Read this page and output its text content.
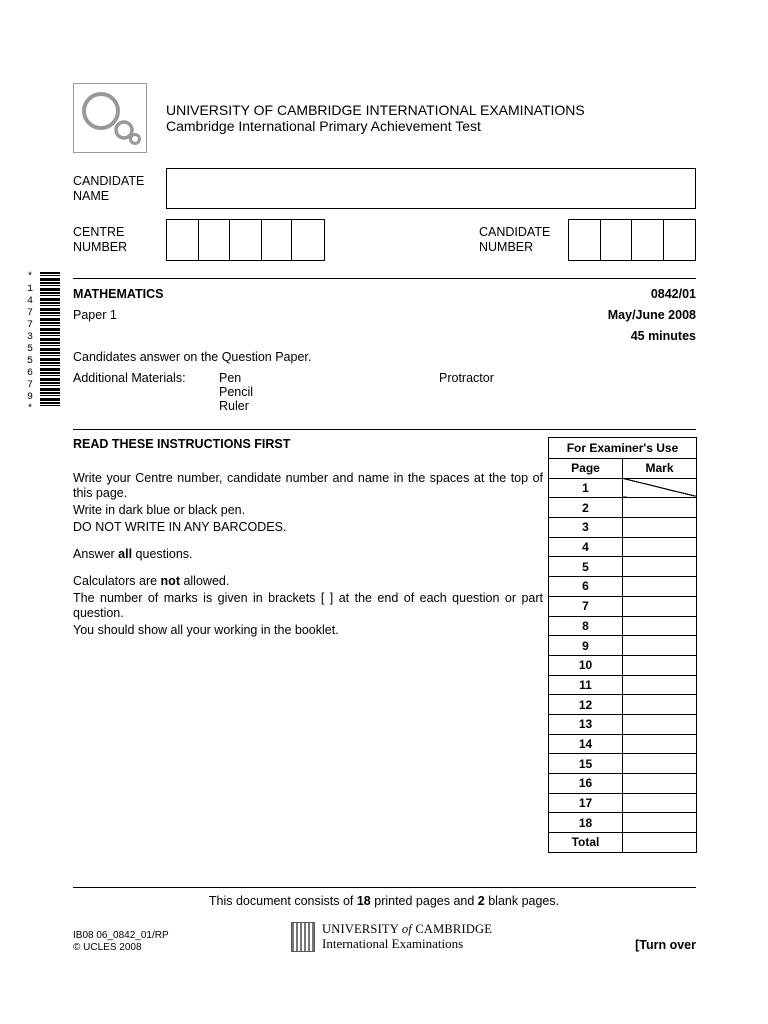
UNIVERSITY OF CAMBRIDGE INTERNATIONAL EXAMINATIONS
Cambridge International Primary Achievement Test
CANDIDATE
NAME
CENTRE
NUMBER
CANDIDATE
NUMBER
*
1
4
7
7
3
5
5
6
7
9
*
MATHEMATICS	0842/01
Paper 1	May/June 2008
45 minutes
Candidates answer on the Question Paper.
Additional Materials:	Pen
Pencil
Ruler
Protractor
READ THESE INSTRUCTIONS FIRST

Write your Centre number, candidate number and name in the spaces at the top of this page.

Write in dark blue or black pen.

DO NOT WRITE IN ANY BARCODES.

Answer all questions.

Calculators are not allowed.

The number of marks is given in brackets [ ] at the end of each question or part question.

You should show all your working in the booklet.

For Examiner's Use	
Page	Mark
1	
2	
3	
4	
5	
6	
7	
8	
9	
10	
11	
12	
13	
14	
15	
16	
17	
18	
Total	
This document consists of 18 printed pages and 2 blank pages.
IB08 06_0842_01/RP
© UCLES 2008
UNIVERSITY of CAMBRIDGE
International Examinations	[Turn over
